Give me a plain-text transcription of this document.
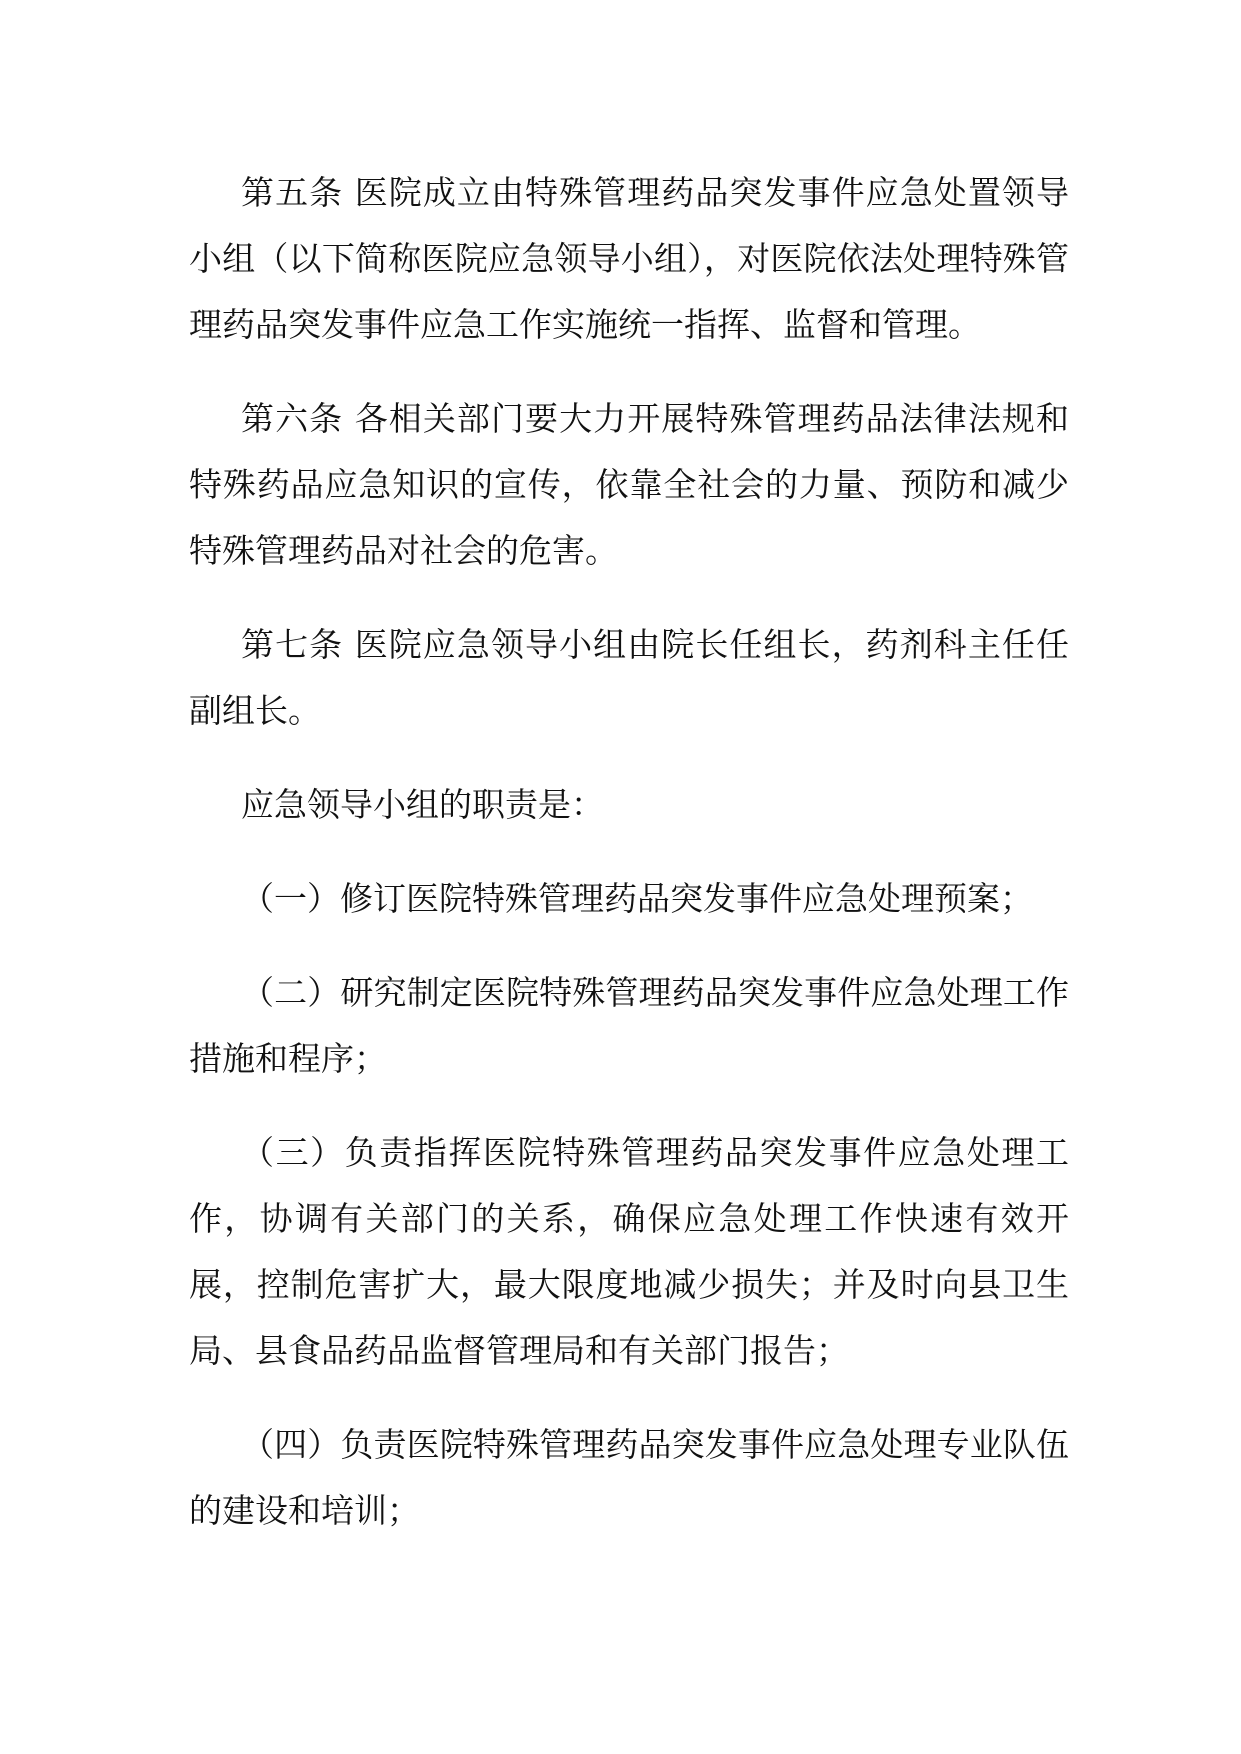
第五条 医院成立由特殊管理药品突发事件应急处置领导小组（以下简称医院应急领导小组），对医院依法处理特殊管理药品突发事件应急工作实施统一指挥、监督和管理。

第六条 各相关部门要大力开展特殊管理药品法律法规和特殊药品应急知识的宣传，依靠全社会的力量、预防和减少特殊管理药品对社会的危害。

第七条 医院应急领导小组由院长任组长，药剂科主任任副组长。

应急领导小组的职责是：

（一）修订医院特殊管理药品突发事件应急处理预案；

（二）研究制定医院特殊管理药品突发事件应急处理工作措施和程序；

（三）负责指挥医院特殊管理药品突发事件应急处理工作，协调有关部门的关系，确保应急处理工作快速有效开展，控制危害扩大，最大限度地减少损失；并及时向县卫生局、县食品药品监督管理局和有关部门报告；

（四）负责医院特殊管理药品突发事件应急处理专业队伍的建设和培训；
